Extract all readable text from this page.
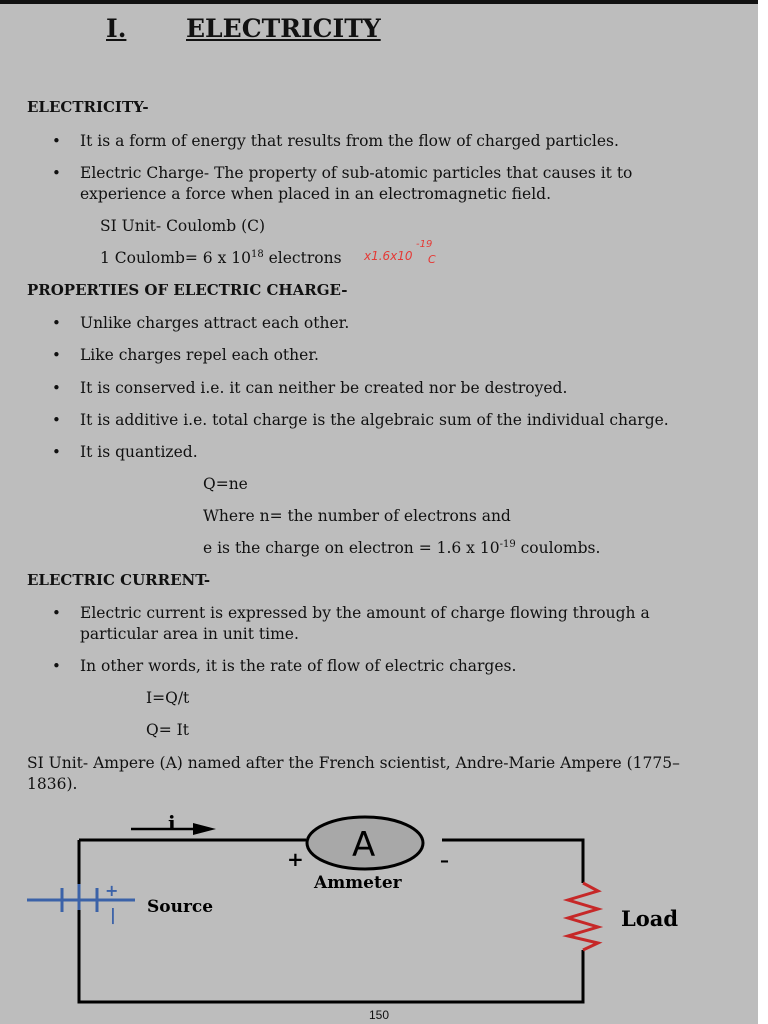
I. ELECTRICITY
ELECTRICITY-
• It is a form of energy that results from the flow of charged particles.
• Electric Charge- The property of sub-atomic particles that causes it to experience a force when placed in an electromagnetic field.
SI Unit- Coulomb (C)
1 Coulomb= 6 x $10^{18}$ electrons x1.6x10
-19
C
PROPERTIES OF ELECTRIC CHARGE-
• Unlike charges attract each other.
• Like charges repel each other.
• It is conserved i.e. it can neither be created nor be destroyed.
• It is additive i.e. total charge is the algebraic sum of the individual charge.
• It is quantized.
Q=ne
Where n= the number of electrons and
e is the charge on electron = 1.6 x $10^{-19}$ coulombs.
ELECTRIC CURRENT-
• Electric current is expressed by the amount of charge flowing through a particular area in unit time.
• In other words, it is the rate of flow of electric charges.
I=Q/t
Q= It
SI Unit- Ampere (A) named after the French scientist, Andre-Marie Ampere (1775–1836).
i
A
+	–
Ammeter
+
| Source	Load
150
